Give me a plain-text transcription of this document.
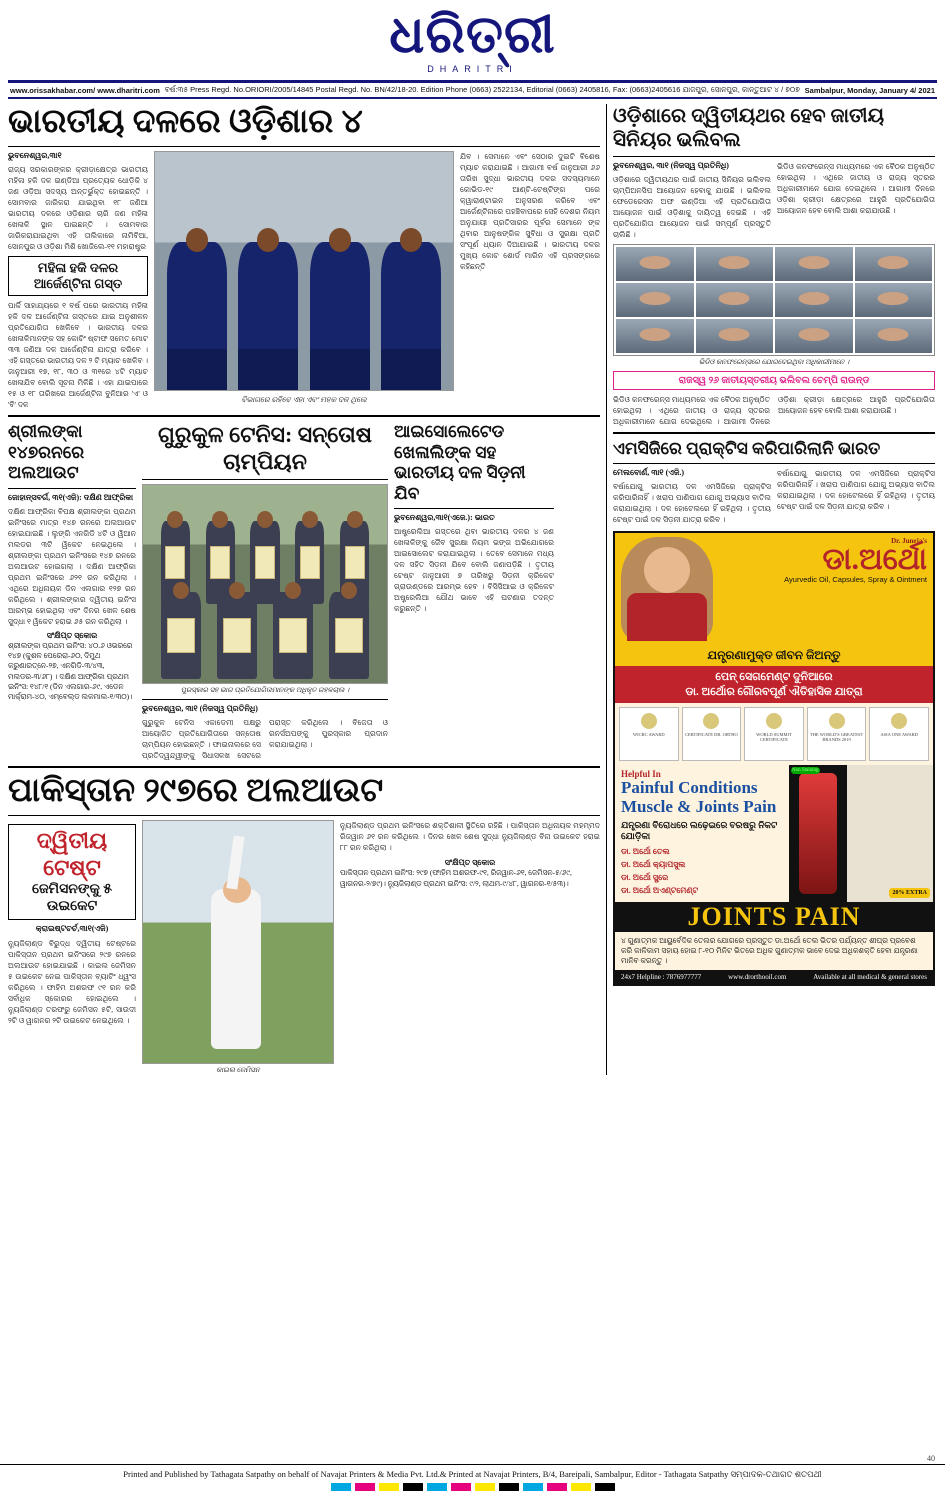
ଧରିତ୍ରୀ
DHARITRI
www.orissakhabar.com/ www.dharitri.com ବର୍ଷ:୩୫ Press Regd. No.ORIORI/2005/14845 Postal Regd. No. BN/42/18-20. Edition Phone (0663) 2522134, Editorial (0663) 2405816, Fax: (0663)2405616 ଯାଜପୁର, ସୋନପୁର, କାନ୍ତୁଆଟ ୪ / ୭୦୭ Sambalpur, Monday, January 4/ 2021
ଭାରତୀୟ ଦଳରେ ଓଡ଼ିଶାର ୪
ଭୁବନେଶ୍ୱର,୩ା୧
ରାଜ୍ୟ ସରକାରଙ୍କର କ୍ରୀଡ଼ାକ୍ଷେତ୍ର ଭାରତୀୟ ମହିଳା ହକି ଦଳ ଇଣ୍ଡିଆ ପ୍ରତ୍ୟେକ ଧୋଡ଼ିକି ୪ ଜଣ ଓଡ଼ିଆ ସଦସ୍ୟ ଅନ୍ତର୍ଭୁକ୍ତ ହୋଇଛନ୍ତି । ସୋମବାର ଜାରିକରା ଯାଇଥିବା ୧୮ ଜଣିଆ ଭାରତୀୟ ଦଳରେ ଓଡ଼ିଶାର ଚାରି ଜଣ ମହିଳା ଖେଳାଳି ସ୍ଥାନ ପାଇଛନ୍ତି । ସୋମବାର ଜାରିକରାଯାଇଥିବା ଏହି ତାଲିକାରେ ନାମିବିଆ, ସୋନପୁର ଓ ଓଡ଼ିଶା ମିଶି ଖୋଜିଲେ-୧୧ ମହାରାଷ୍ଟ୍ର
ମହିଳା ହକି ଦଳର ଆର୍ଜେଣ୍ଟିନା ଗସ୍ତ
ପାର୍କି ସାହାଯ୍ୟରେ ୧ ବର୍ଷ ପରେ ଭାରତୀୟ ମହିଳା ହକି ଦଳ ଆର୍ଜେଣ୍ଟିନା ଗସ୍ତରେ ଯାଇ ଅନୁଶୀଳନ ପ୍ରତିଯୋଗିତା ଖେଳିବେ । ଭାରତୀୟ ଦଳର ଖେଳାଳିମାନଙ୍କ ସହ କୋଚିଂ ଷ୍ଟାଫ ସମେତ ମୋଟ ୩୩ ଜଣିଆ ଦଳ ଆର୍ଜେଣ୍ଟିନା ଯାତ୍ରା କରିବେ । ଏହି ଗସ୍ତରେ ଭାରତୀୟ ଦଳ ୨ ଟି ମ୍ୟାଚ ଖେଳିବ । ଜାନୁଆରୀ ୧୭, ୧୮, ୩୦ ଓ ୩୧ରେ ୪ଟି ମ୍ୟାଚ ଖେଳାଯିବ ବୋଲି ସୂଚନା ମିଳିଛି । ଏହା ଯାଇପାରେ ୧୫ ଓ ୧୮ ତାରିଖରେ ଆର୍ଜେଣ୍ଟିନା ବୁନିଆର 'ଏ' ଓ 'ବି' ଦଳ
ବିଭାଗରେ ରହିବେ ଏହା ଏବଂ ମହକ ଦଳ ଥିଲେ
ଯିବ । ସେମାନେ ଏବଂ ସେଠାର ଦୁଇଟି ବିଶେଷ ମ୍ୟାଚ କରାଯାଇଛି । ଆଗାମୀ ବର୍ଷ ଜାନୁଆରୀ ୬୬ ତାରିଖ ସୁଦ୍ଧା ଭାରତୀୟ ଦଳର ସଦସ୍ୟମାନେ କୋଭିଡ-୧୯ ଆଣ୍ଟି-ଟେଷ୍ଟିଙ୍ଗ ପରେ କ୍ୱାରାଣ୍ଟାଇନ ଅନୁସରଣ କରିବେ ଏବଂ ଆର୍ଜେଣ୍ଟିନାରେ ପହଞ୍ଚିବାପରେ ସେହି ଦେଶର ନିୟମ ଅନୁଯାୟୀ ପ୍ରତିସାରର ପୂର୍ବର ସେମାନେ ଙ୍କ ଥିବାର ଆନୁଷଙ୍ଗିକ ସୁବିଧା ଓ ସୁରକ୍ଷା ପ୍ରତି ସଂପୂର୍ଣ ଧ୍ୟାନ ଦିଆଯାଇଛି । ଭାରତୀୟ ଦଳର ମୁଖ୍ୟ କୋଚ ଶୋର୍ଡ ମାରିନ ଏହି ପ୍ରସଙ୍ଗରେ କହିଛନ୍ତି
ଶ୍ରୀଲଙ୍କା ୧୪୭ରନରେ ଅଲଆଉଟ
ଜୋହାନ୍ସବର୍ଗ, ୩୧(ଏଜି): ଦକ୍ଷିଣ ଆଫ୍ରିକା
ଦକ୍ଷିଣ ଆଫ୍ରିକା ବିପକ୍ଷ ଶ୍ରୀଲଙ୍କା ପ୍ରଥମ ଇନିଂସରେ ମାତ୍ର ୧୪୭ ରନରେ ଅଲଆଉଟ ହୋଇଯାଇଛି । ଲୁଙ୍ଗି ଏନଗିଡି ୪ଟି ଓ ୱିଆନ ମଲଡର ୩ଟି ୱିକେଟ ନେଇଥିଲେ । ଶ୍ରୀଲଙ୍କା ପ୍ରଥମ ଇନିଂସରେ ୧୪୭ ରନରେ ଅଲଆଉଟ ହୋଇଗଲା । ଦକ୍ଷିଣ ଆଫ୍ରିକା ପ୍ରଥମ ଇନିଂସରେ ୬୨୧ ରନ କରିଥିଲା । ଏଥିରେ ଅଧିନାୟକ ଡିନ ଏଲଗାର ୧୨୭ ରନ କରିଥିଲେ । ଶ୍ରୀଲଙ୍କାର ଦ୍ୱିତୀୟ ଇନିଂସ ଆରମ୍ଭ ହୋଇଥିଲା ଏବଂ ଦିନର ଖେଳ ଶେଷ ସୁଦ୍ଧା ୧ ୱିକେଟ ହରାଇ ୬୫ ରନ କରିଥିଲା ।
ସଂକ୍ଷିପ୍ତ ସ୍କୋର
ଶ୍ରୀଲଙ୍କା ପ୍ରଥମ ଇନିଂସ: ୪୦.୬ ଓଭରରେ ୧୪୭ (କୁଶଳ ପେରେରା-୬୦, ଦିମୁଥ କରୁଣାରତ୍ନେ-୨୭, ଏନଗିଡି-୩/୪୩, ମଲଡର-୩/୬୮) । ଦକ୍ଷିଣ ଆଫ୍ରିକା ପ୍ରଥମ ଇନିଂସ: ୧୪୮/୧ (ଡିନ ଏଲଗାର-୬୯, ଏଡେନ ମାର୍କ୍ରାମ-୪୦, ଏମ୍ବେଲ୍ଡ ଲକମାଲ-୧/୩୦)।
ଗୁରୁକୁଳ ଟେନିସ: ସନ୍ତୋଷ ଚାମ୍ପିୟନ
ପୁରସ୍କାର ସହ ଭାଗ ପ୍ରତିଯୋଗିତାମାନଙ୍କ ଅଧିକୃତ ଗହଳଚାଲ ।
ଭୁବନେଶ୍ୱର, ୩ା୧ (ନିଜସ୍ୱ ପ୍ରତିନିଧି)
ଗୁରୁକୁଳ ଟେନିସ ଏକାଡେମୀ ପକ୍ଷରୁ ଆୟୋଜିତ ପ୍ରତିଯୋଗିତାରେ ସନ୍ତୋଷ ଚାମ୍ପିୟନ ହୋଇଛନ୍ତି । ଫାଇନାଲରେ ସେ ପ୍ରତିଦ୍ୱନ୍ଦ୍ୱୀଙ୍କୁ ସିଧାସଳଖ ସେଟରେ ପରାସ୍ତ କରିଥିଲେ । ବିଜେତା ଓ ରନର୍ସଅପଙ୍କୁ ପୁରସ୍କାର ପ୍ରଦାନ କରାଯାଇଥିଲା ।
ଆଇସୋଲେଟେଡ ଖେଳାଲିଙ୍କ ସହ ଭାରତୀୟ ଦଳ ସିଡ଼ନୀ ଯିବ
ଭୁବନେଶ୍ୱର,୩ା୧(ଏଜେ.): ଭାରତ
ଆଷ୍ଟ୍ରେଲିଆ ଗସ୍ତରେ ଥିବା ଭାରତୀୟ ଦଳର ୪ ଜଣ ଖେଳାଳିଙ୍କୁ ଜୈବ ସୁରକ୍ଷା ନିୟମ ଭଙ୍ଗ ଅଭିଯୋଗରେ ଆଇସୋଲେଟ କରାଯାଇଥିଲା । ତେବେ ସେମାନେ ମଧ୍ୟ ଦଳ ସହିତ ସିଡ଼ନୀ ଯିବେ ବୋଲି ଜଣାପଡ଼ିଛି । ତୃତୀୟ ଟେଷ୍ଟ ଜାନୁଆରୀ ୭ ତାରିଖରୁ ସିଡ଼ନୀ କ୍ରିକେଟ ଗ୍ରାଉଣ୍ଡରେ ଆରମ୍ଭ ହେବ । ବିସିସିଆଇ ଓ କ୍ରିକେଟ ଅଷ୍ଟ୍ରେଲିଆ ଯୌଥ ଭାବେ ଏହି ଘଟଣାର ତଦନ୍ତ କରୁଛନ୍ତି ।
ପାକିସ୍ତାନ ୨୯୭ରେ ଅଲଆଉଟ
ଦ୍ୱିତୀୟ ଟେଷ୍ଟ
ଜେମିସନଙ୍କୁ ୫ ଉଇକେଟ
କ୍ରାଇଷ୍ଟଚର୍ଚ,୩ା୧(ଏଜି)
ନ୍ୟୁଜିଲାଣ୍ଡ ବିରୁଦ୍ଧ ଦ୍ୱିତୀୟ ଟେଷ୍ଟରେ ପାକିସ୍ତାନ ପ୍ରଥମ ଇନିଂସରେ ୨୯୭ ରନରେ ଅଲଆଉଟ ହୋଇଯାଇଛି । କାଇଲ ଜେମିସନ ୫ ଉଇକେଟ ନେଇ ପାକିସ୍ତାନ ବ୍ୟାଟିଂ ଧ୍ୱଂସ କରିଥିଲେ । ଫାହିମ ଅଶରଫ ୯୧ ରନ କରି ସର୍ବାଧିକ ସ୍କୋରର ହୋଇଥିଲେ । ନ୍ୟୁଜିଲାଣ୍ଡ ତରଫରୁ ଜେମିସନ ୫ଟି, ସାଉଦୀ ୨ଟି ଓ ୱାଗନର ୨ଟି ଉଇକେଟ ନେଇଥିଲେ ।
କାଇଲ ଜେମିସନ
ନ୍ୟୁଜିଲାଣ୍ଡ ପ୍ରଥମ ଇନିଂସରେ ଶକ୍ତିଶାଳୀ ସ୍ଥିତିରେ ରହିଛି । ପାକିସ୍ତାନ ଅଧିନାୟକ ମହମ୍ମଦ ରିଜୱାନ ୬୧ ରନ କରିଥିଲେ । ଦିନର ଖେଳ ଶେଷ ସୁଦ୍ଧା ନ୍ୟୁଜିଲାଣ୍ଡ ବିନା ଉଇକେଟ ହରାଇ ୮୮ ରନ କରିଥିଲା ।
ସଂକ୍ଷିପ୍ତ ସ୍କୋର
ପାକିସ୍ତାନ ପ୍ରଥମ ଇନିଂସ: ୨୯୭ (ଫାହିମ ଅଶରଫ-୯୧, ରିଜୱାନ-୬୧, ଜେମିସନ-୫/୬୯, ୱାଗନର-୨/୭୯)। ନ୍ୟୁଜିଲାଣ୍ଡ ପ୍ରଥମ ଇନିଂସ: ୯/୨, ଲାଥମ-୯/୪୮, ୱାଗନର-୧/୫୩)।
ଓଡ଼ିଶାରେ ଦ୍ୱିତୀୟଥର ହେବ ଜାତୀୟ ସିନିୟର ଭଲିବଲ
ଭୁବନେଶ୍ୱର, ୩ା୧ (ନିଜସ୍ୱ ପ୍ରତିନିଧି)
ଓଡ଼ିଶାରେ ଦ୍ୱିତୀୟଥର ପାଇଁ ଜାତୀୟ ସିନିୟର ଭଲିବଲ ଚାମ୍ପିଅନସିପ ଆୟୋଜନ ହେବାକୁ ଯାଉଛି । ଭଲିବଲ ଫେଡେରେସନ ଅଫ ଇଣ୍ଡିଆ ଏହି ପ୍ରତିଯୋଗିତା ଆୟୋଜନ ପାଇଁ ଓଡ଼ିଶାକୁ ଦାୟିତ୍ୱ ଦେଇଛି । ଏହି ପ୍ରତିଯୋଗିତା ଆୟୋଜନ ପାଇଁ ସମ୍ପୂର୍ଣ ପ୍ରସ୍ତୁତି ଚାଲିଛି ।
ଭିଡିଓ କନଫରେନ୍ସ ମାଧ୍ୟମରେ ଏକ ବୈଠକ ଅନୁଷ୍ଠିତ ହୋଇଥିଲା । ଏଥିରେ ଜାତୀୟ ଓ ରାଜ୍ୟ ସ୍ତରର ଅଧିକାରୀମାନେ ଯୋଗ ଦେଇଥିଲେ । ଆଗାମୀ ଦିନରେ ଓଡ଼ିଶା କ୍ରୀଡ଼ା କ୍ଷେତ୍ରରେ ଆହୁରି ପ୍ରତିଯୋଗିତା ଆୟୋଜନ ହେବ ବୋଲି ଆଶା କରାଯାଉଛି ।
ଭିଡିଓ କନଫରେନ୍ସରେ ଯୋଗଦେଇଥିବା ଅଧିକାରୀମାନେ ।
ରାଜସ୍ୱ ୨୬ ଜାତୀୟସ୍ତରୀୟ ଭଲିବଲ ଚେମ୍ପି ରାଉନ୍ଡ
ଭିଡିଓ କନଫରେନ୍ସ ମାଧ୍ୟମରେ ଏକ ବୈଠକ ଅନୁଷ୍ଠିତ ହୋଇଥିଲା । ଏଥିରେ ଜାତୀୟ ଓ ରାଜ୍ୟ ସ୍ତରର ଅଧିକାରୀମାନେ ଯୋଗ ଦେଇଥିଲେ । ଆଗାମୀ ଦିନରେ ଓଡ଼ିଶା କ୍ରୀଡ଼ା କ୍ଷେତ୍ରରେ ଆହୁରି ପ୍ରତିଯୋଗିତା ଆୟୋଜନ ହେବ ବୋଲି ଆଶା କରାଯାଉଛି ।
ଏମସିଜିରେ ପ୍ରାକ୍ଟିସ କରିପାରିଲାନି ଭାରତ
ମେଲବୋର୍ଣ, ୩ା୧ (ଏଜି.)
ବର୍ଷାଯୋଗୁ ଭାରତୀୟ ଦଳ ଏମସିଜିରେ ପ୍ରାକ୍ଟିସ କରିପାରିନାହିଁ । ଖରାପ ପାଣିପାଗ ଯୋଗୁ ଅଭ୍ୟାସ ବାତିଲ କରାଯାଇଥିଲା । ଦଳ ହୋଟେଲରେ ହିଁ ରହିଥିଲା । ତୃତୀୟ ଟେଷ୍ଟ ପାଇଁ ଦଳ ସିଡ଼ନୀ ଯାତ୍ରା କରିବ ।
ବର୍ଷାଯୋଗୁ ଭାରତୀୟ ଦଳ ଏମସିଜିରେ ପ୍ରାକ୍ଟିସ କରିପାରିନାହିଁ । ଖରାପ ପାଣିପାଗ ଯୋଗୁ ଅଭ୍ୟାସ ବାତିଲ କରାଯାଇଥିଲା । ଦଳ ହୋଟେଲରେ ହିଁ ରହିଥିଲା । ତୃତୀୟ ଟେଷ୍ଟ ପାଇଁ ଦଳ ସିଡ଼ନୀ ଯାତ୍ରା କରିବ ।
Dr. Juneja's
ଡା.ଅର୍ଥୋ
Ayurvedic Oil, Capsules, Spray & Ointment
ଯନ୍ତ୍ରଣାମୁକ୍ତ ଜୀବନ ଜିଅନ୍ତୁ
ପେନ୍ ସେଗମେଣ୍ଟ ଦୁନିଆରେ
ଡା. ଅର୍ଥୋର ଗୌରବପୂର୍ଣ ଐତିହାସିକ ଯାତ୍ରା
WICRC AWARD	CERTIFICATE DR. ORTHO	WORLD SUMMIT CERTIFICATE
THE WORLD'S GREATEST BRANDS 2019
ASIA ONE AWARD
Helpful In
Painful Conditions
Muscle & Joints Pain
ଯନ୍ତ୍ରଣା ବିରୋଧରେ ଲଢ଼େଇରେ ବରଷରୁ ନିକଟ ଯୋଡ଼ିକା
ଡା. ଅର୍ଥୋ ତେଲ
ଡା. ଅର୍ଥୋ କ୍ୟାପସୁଲ
ଡା. ଅର୍ଥୋ ସ୍ପ୍ରେ
ଡା. ଅର୍ଥୋ ଅଏଣ୍ଟମେଣ୍ଟ
Non Staining
20% EXTRA
JOINTS PAIN
୪ ଗୁଣାତ୍ମକ ଆୟୁର୍ବେଦିକ ତେଲର ଯୋଗରେ ପ୍ରସ୍ତୁତ ଡା.ଅର୍ଥୋ ତେଲ ଭିତର ପର୍ଯ୍ୟନ୍ତ ଶୀଘ୍ର ପ୍ରବେଶ କରି କାଳିକାମ ସହାୟ ହୋଇ ୮-୧୦ ମିନିଟ ଭିତରେ ଅଧିକ ଗୁଣାତ୍ମକ ଭାବେ ଦେଇ ଅଧିକଶକ୍ତି ହେବା ଯନ୍ତ୍ରଣା ମାନିବ କରନ୍ତୁ ।
24x7 Helpline : 7876977777	www.drorthooil.com	Available at all medical & general stores
40
Printed and Published by Tathagata Satpathy on behalf of Navajat Printers & Media Pvt. Ltd.& Printed at Navajat Printers, B/4, Bareipali, Sambalpur, Editor - Tathagata Satpathy ସମ୍ପାଦକ-ତଥାଗତ ଶତପଥୀ
